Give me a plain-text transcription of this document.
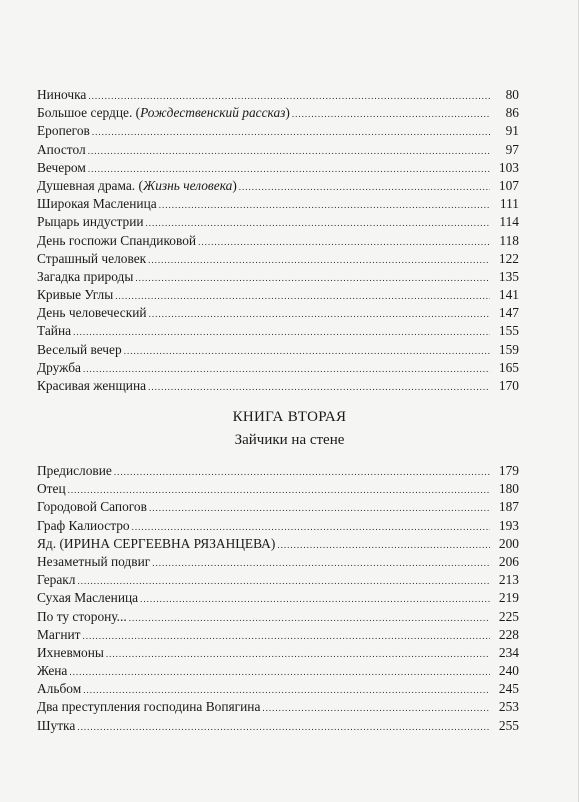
Ниночка .....	80
Большое сердце. (Рождественский рассказ) .....	86
Еропегов .....	91
Апостол .....	97
Вечером .....	103
Душевная драма. (Жизнь человека) .....	107
Широкая Масленица .....	111
Рыцарь индустрии .....	114
День госпожи Спандиковой .....	118
Страшный человек .....	122
Загадка природы .....	135
Кривые Углы .....	141
День человеческий .....	147
Тайна .....	155
Веселый вечер .....	159
Дружба .....	165
Красивая женщина .....	170
КНИГА ВТОРАЯ
Зайчики на стене
Предисловие .....	179
Отец .....	180
Городовой Сапогов .....	187
Граф Калиостро .....	193
Яд. (ИРИНА СЕРГЕЕВНА РЯЗАНЦЕВА) .....	200
Незаметный подвиг .....	206
Геракл .....	213
Сухая Масленица .....	219
По ту сторону... .....	225
Магнит .....	228
Ихневмоны .....	234
Жена .....	240
Альбом .....	245
Два преступления господина Вопягина .....	253
Шутка .....	255
